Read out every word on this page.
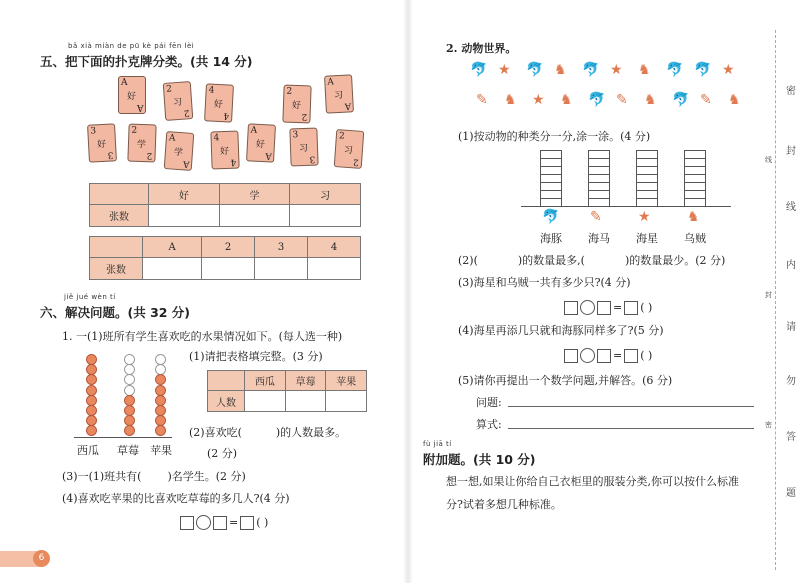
bǎ xià miàn de pū kè pái fēn lèi
五、把下面的扑克牌分类。(共 14 分)
A
好
A
2
习
2
4
好
4
2
好
2
A
习
A
3
好
3
2
学
2
A
学
A
4
好
4
A
好
A
3
习
3
2
习
2
	好	学	习
张数			
	A	2	3	4
张数				
jiě jué wèn tí
六、解决问题。(共 32 分)
1. 一(1)班所有学生喜欢吃的水果情况如下。(每人选一种)
西瓜 草莓 苹果
(1)请把表格填完整。(3 分)
	西瓜	草莓	苹果
人数			
(2)喜欢吃(	)的人数最多。
(2 分)
(3)一(1)班共有( )名学生。(2 分)
(4)喜欢吃苹果的比喜欢吃草莓的多几人?(4 分)
= ( )
6
2. 动物世界。
🐬 ★ 🐬 ♞ 🐬 ★ ♞ 🐬 🐬 ★
✎ ♞ ★ ♞ 🐬 ✎ ♞ 🐬 ✎ ♞
(1)按动物的种类分一分,涂一涂。(4 分)
🐬 ✎	★	♞
海豚 海马 海星 乌贼
(2)(	)的数量最多,(	)的数量最少。(2 分)
(3)海星和乌贼一共有多少只?(4 分)
= ( )
(4)海星再添几只就和海豚同样多了?(5 分)
= ( )
(5)请你再提出一个数学问题,并解答。(6 分)
问题:
算式:
fù jiā tí
附加题。(共 10 分)
想一想,如果让你给自己衣柜里的服装分类,你可以按什么标准
分?试着多想几种标准。
密
封
线
内
请
勿
答
题
线
封
密
